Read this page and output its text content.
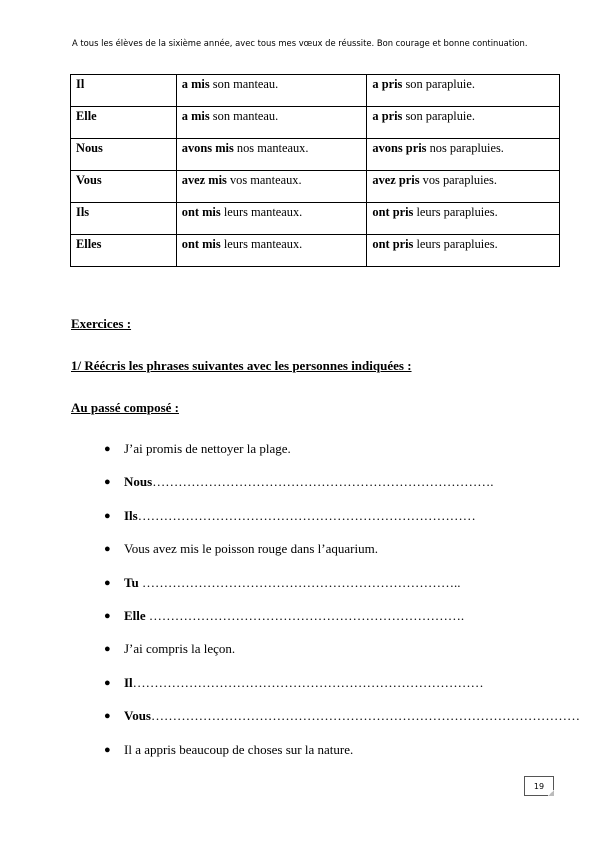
A tous les élèves de la sixième année, avec tous mes vœux de réussite. Bon courage et bonne continuation.
Il	a mis son manteau.	a pris son parapluie.
Elle	a mis son manteau.	a pris son parapluie.
Nous	avons mis nos manteaux.	avons pris nos parapluies.
Vous	avez mis vos manteaux.	avez pris vos parapluies.
Ils	ont mis leurs manteaux.	ont pris leurs parapluies.
Elles	ont mis leurs manteaux.	ont pris leurs parapluies.
Exercices :
1/ Réécris les phrases suivantes avec les personnes indiquées :
Au passé composé :
● J’ai promis de nettoyer la plage.
● Nous…………………………………………………………………….
● Ils……………………………………………………………………
● Vous avez mis le poisson rouge dans l’aquarium.
● Tu ………………………………………………………………..
● Elle ……………………………………………………………….
● J’ai compris la leçon.
● Il………………………………………………………………………
● Vous………………………………………………………………………………………
● Il a appris beaucoup de choses sur la nature.
19
